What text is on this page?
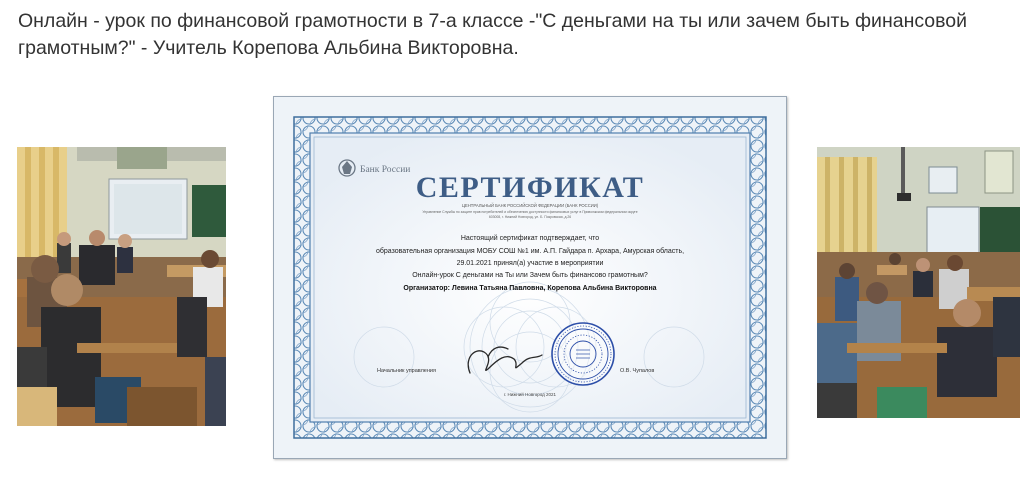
Онлайн - урок по финансовой грамотности в 7-а классе -"С деньгами на ты или зачем быть финансовой грамотным?" - Учитель Корепова Альбина Викторовна.
Банк России
СЕРТИФИКАТ
ЦЕНТРАЛЬНЫЙ БАНК РОССИЙСКОЙ ФЕДЕРАЦИИ (БАНК РОССИИ)
Управление Службы по защите прав потребителей и обеспечению доступности финансовых услуг в Приволжском федеральном округе
603008, г. Нижний Новгород, ул. Б. Покровская, д.26
Настоящий сертификат подтверждает, что
образовательная организация МОБУ СОШ №1 им. А.П. Гайдара п. Архара, Амурская область,
29.01.2021 принял(а) участие в мероприятии
Онлайн-урок С деньгами на Ты или Зачем быть финансово грамотным?
Организатор: Левина Татьяна Павловна, Корепова Альбина Викторовна
Начальник управления	О.В. Чупалов
г. Нижний Новгород 2021
